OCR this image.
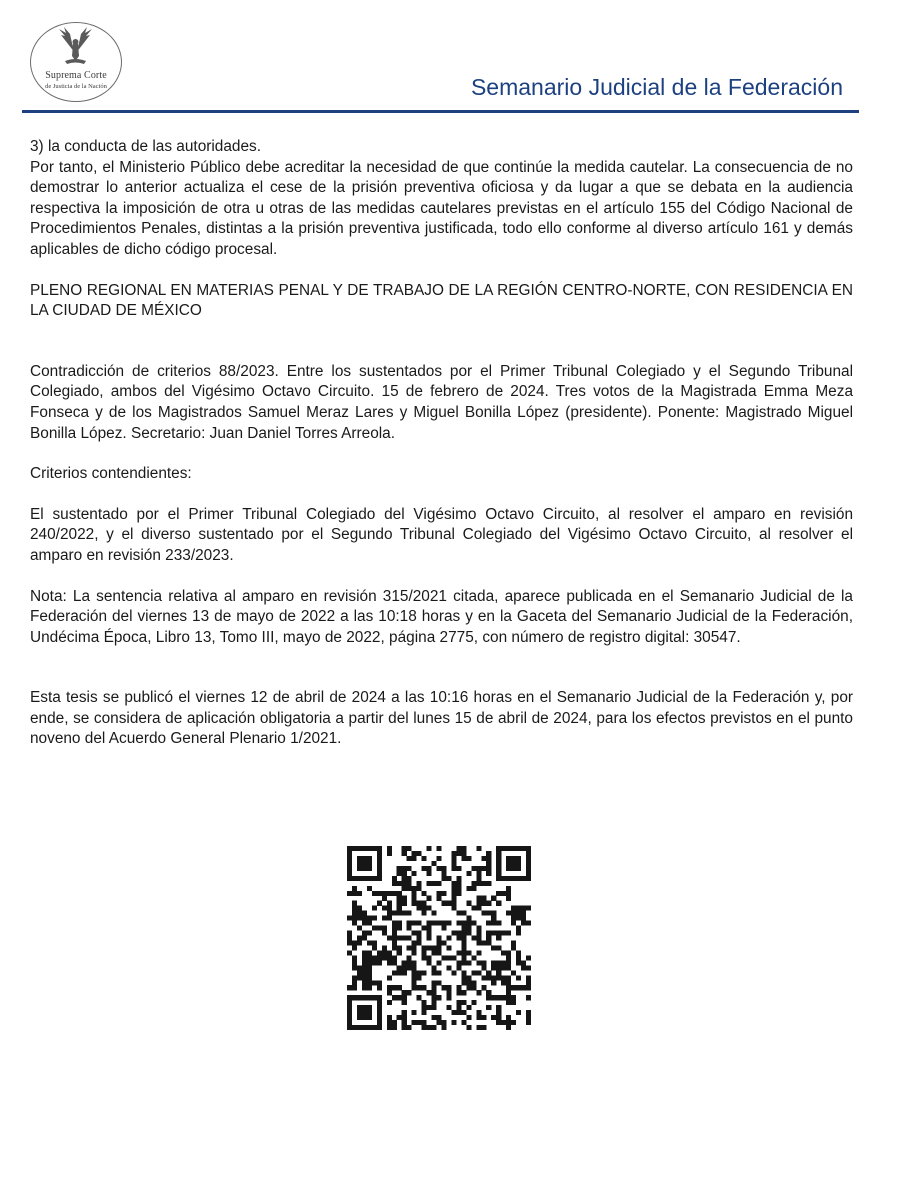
Suprema Corte
de Justicia de la Nación	Semanario Judicial de la Federación

3) la conducta de las autoridades.

Por tanto, el Ministerio Público debe acreditar la necesidad de que continúe la medida cautelar. La consecuencia de no demostrar lo anterior actualiza el cese de la prisión preventiva oficiosa y da lugar a que se debata en la audiencia respectiva la imposición de otra u otras de las medidas cautelares previstas en el artículo 155 del Código Nacional de Procedimientos Penales, distintas a la prisión preventiva justificada, todo ello conforme al diverso artículo 161 y demás aplicables de dicho código procesal.

PLENO REGIONAL EN MATERIAS PENAL Y DE TRABAJO DE LA REGIÓN CENTRO-NORTE, CON RESIDENCIA EN LA CIUDAD DE MÉXICO

Contradicción de criterios 88/2023. Entre los sustentados por el Primer Tribunal Colegiado y el Segundo Tribunal Colegiado, ambos del Vigésimo Octavo Circuito. 15 de febrero de 2024. Tres votos de la Magistrada Emma Meza Fonseca y de los Magistrados Samuel Meraz Lares y Miguel Bonilla López (presidente). Ponente: Magistrado Miguel Bonilla López. Secretario: Juan Daniel Torres Arreola.

Criterios contendientes:

El sustentado por el Primer Tribunal Colegiado del Vigésimo Octavo Circuito, al resolver el amparo en revisión 240/2022, y el diverso sustentado por el Segundo Tribunal Colegiado del Vigésimo Octavo Circuito, al resolver el amparo en revisión 233/2023.

Nota: La sentencia relativa al amparo en revisión 315/2021 citada, aparece publicada en el Semanario Judicial de la Federación del viernes 13 de mayo de 2022 a las 10:18 horas y en la Gaceta del Semanario Judicial de la Federación, Undécima Época, Libro 13, Tomo III, mayo de 2022, página 2775, con número de registro digital: 30547.

Esta tesis se publicó el viernes 12 de abril de 2024 a las 10:16 horas en el Semanario Judicial de la Federación y, por ende, se considera de aplicación obligatoria a partir del lunes 15 de abril de 2024, para los efectos previstos en el punto noveno del Acuerdo General Plenario 1/2021.
